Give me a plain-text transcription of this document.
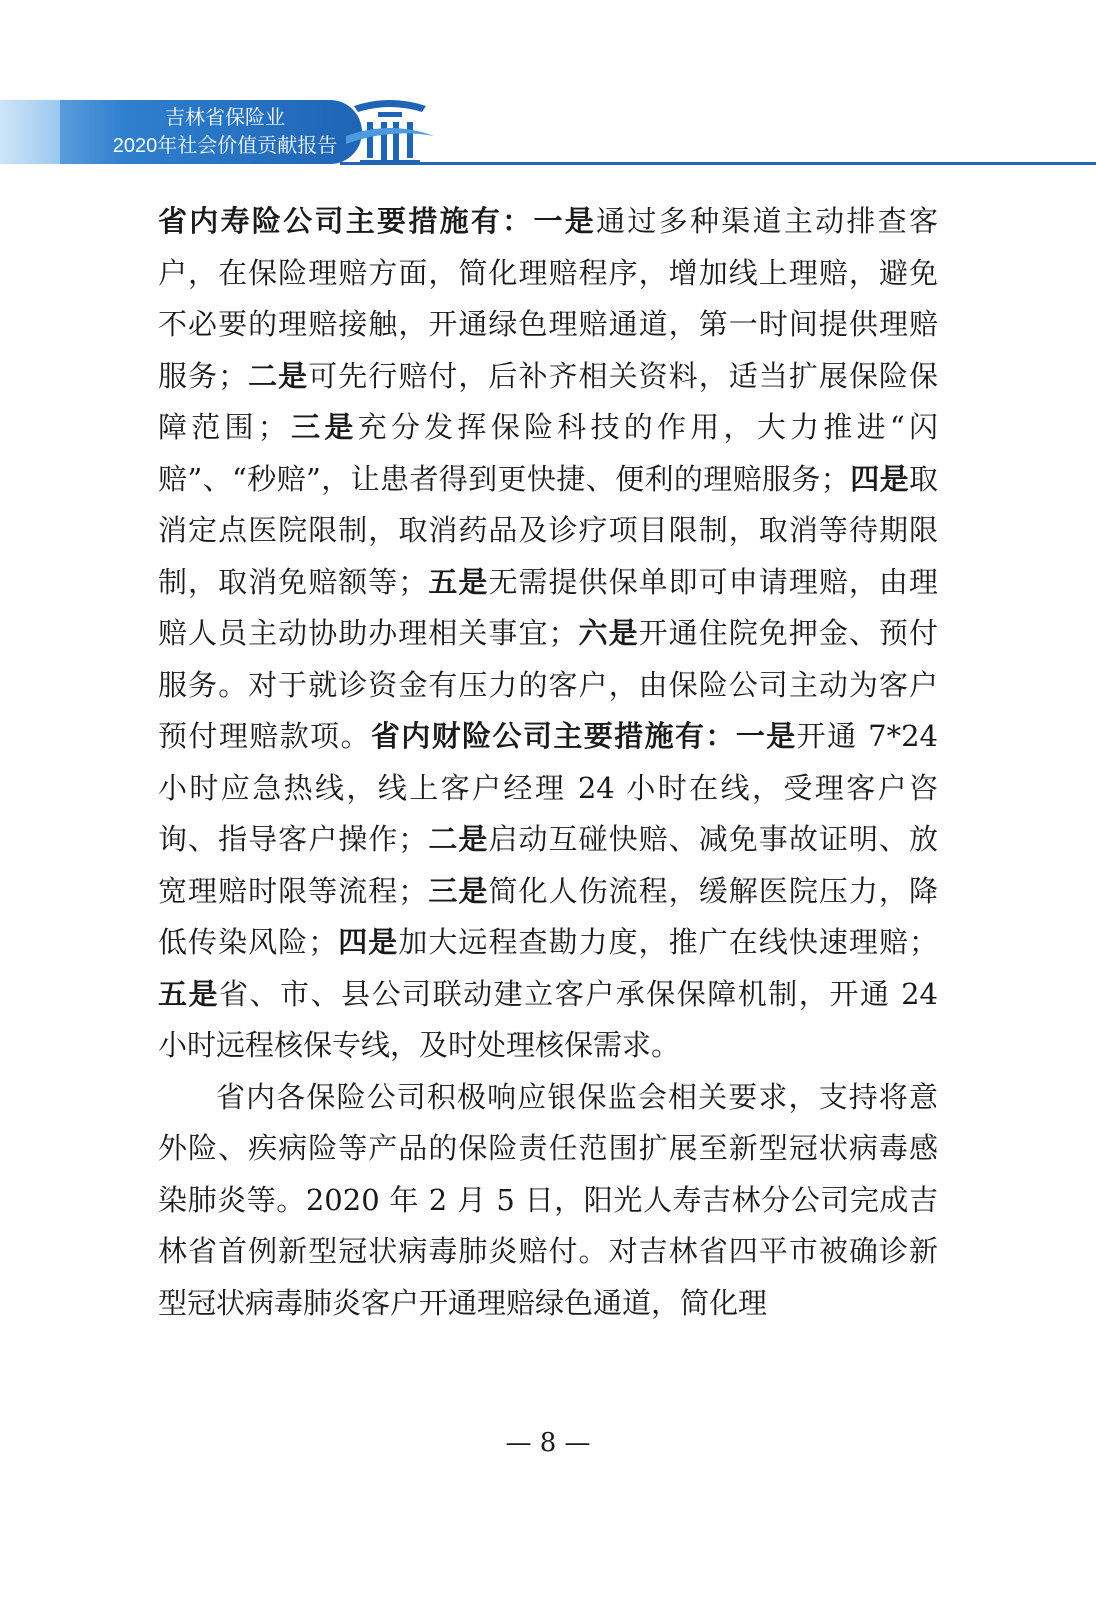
吉林省保险业
2020年社会价值贡献报告

省内寿险公司主要措施有：一是通过多种渠道主动排查客户，在保险理赔方面，简化理赔程序，增加线上理赔，避免不必要的理赔接触，开通绿色理赔通道，第一时间提供理赔服务；二是可先行赔付，后补齐相关资料，适当扩展保险保障范围；三是充分发挥保险科技的作用，大力推进“闪赔”、“秒赔”，让患者得到更快捷、便利的理赔服务；四是取消定点医院限制，取消药品及诊疗项目限制，取消等待期限制，取消免赔额等；五是无需提供保单即可申请理赔，由理赔人员主动协助办理相关事宜；六是开通住院免押金、预付服务。对于就诊资金有压力的客户，由保险公司主动为客户预付理赔款项。省内财险公司主要措施有：一是开通 7*24 小时应急热线，线上客户经理 24 小时在线，受理客户咨询、指导客户操作；二是启动互碰快赔、减免事故证明、放宽理赔时限等流程；三是简化人伤流程，缓解医院压力，降低传染风险；四是加大远程查勘力度，推广在线快速理赔；五是省、市、县公司联动建立客户承保保障机制，开通 24 小时远程核保专线，及时处理核保需求。

省内各保险公司积极响应银保监会相关要求，支持将意外险、疾病险等产品的保险责任范围扩展至新型冠状病毒感染肺炎等。2020 年 2 月 5 日，阳光人寿吉林分公司完成吉林省首例新型冠状病毒肺炎赔付。对吉林省四平市被确诊新型冠状病毒肺炎客户开通理赔绿色通道，简化理

— 8 —
